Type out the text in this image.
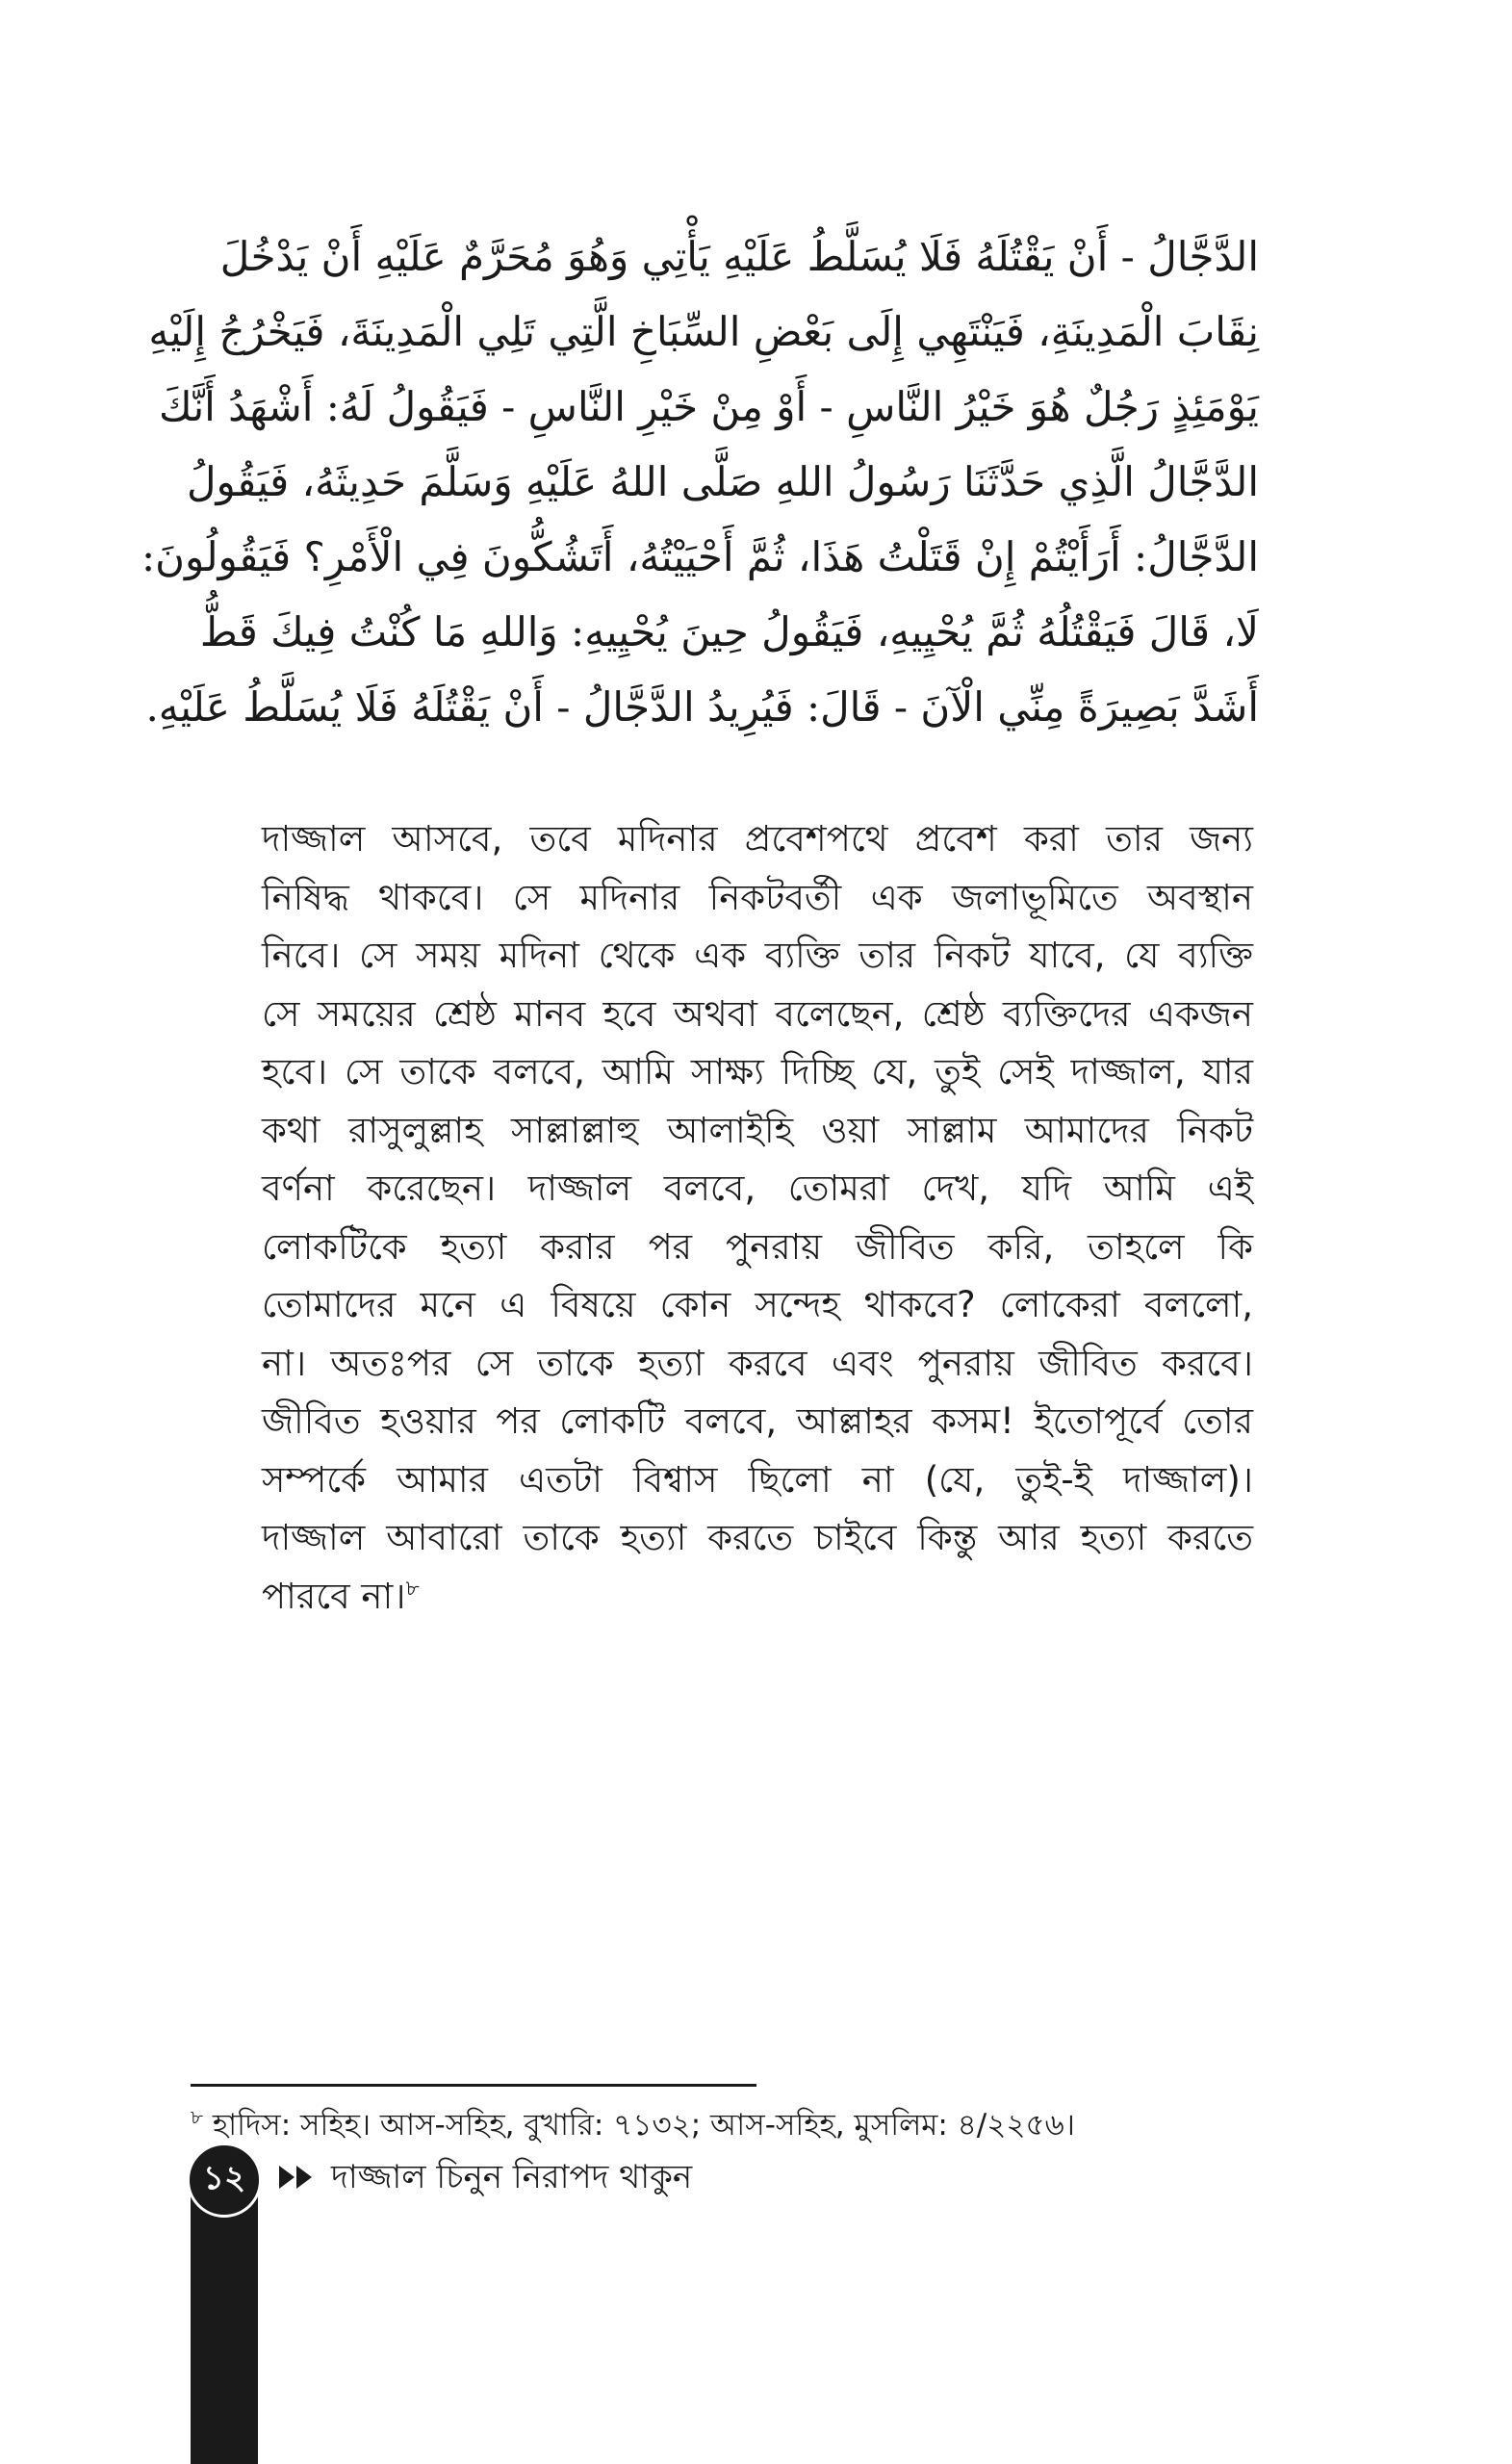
الدَّجَّالُ - أَنْ يَقْتُلَهُ فَلَا يُسَلَّطُ عَلَيْهِ يَأْتِي وَهُوَ مُحَرَّمٌ عَلَيْهِ أَنْ يَدْخُلَ
نِقَابَ الْمَدِينَةِ، فَيَنْتَهِي إِلَى بَعْضِ السِّبَاخِ الَّتِي تَلِي الْمَدِينَةَ، فَيَخْرُجُ إِلَيْهِ
يَوْمَئِذٍ رَجُلٌ هُوَ خَيْرُ النَّاسِ - أَوْ مِنْ خَيْرِ النَّاسِ - فَيَقُولُ لَهُ: أَشْهَدُ أَنَّكَ
الدَّجَّالُ الَّذِي حَدَّثَنَا رَسُولُ اللهِ صَلَّى اللهُ عَلَيْهِ وَسَلَّمَ حَدِيثَهُ، فَيَقُولُ
الدَّجَّالُ: أَرَأَيْتُمْ إِنْ قَتَلْتُ هَذَا، ثُمَّ أَحْيَيْتُهُ، أَتَشُكُّونَ فِي الْأَمْرِ؟ فَيَقُولُونَ:
لَا، قَالَ فَيَقْتُلُهُ ثُمَّ يُحْيِيهِ، فَيَقُولُ حِينَ يُحْيِيهِ: وَاللهِ مَا كُنْتُ فِيكَ قَطُّ
أَشَدَّ بَصِيرَةً مِنِّي الْآنَ - قَالَ: فَيُرِيدُ الدَّجَّالُ - أَنْ يَقْتُلَهُ فَلَا يُسَلَّطُ عَلَيْهِ.
দাজ্জাল আসবে, তবে মদিনার প্রবেশপথে প্রবেশ করা তার জন্য
নিষিদ্ধ থাকবে। সে মদিনার নিকটবর্তী এক জলাভূমিতে অবস্থান
নিবে। সে সময় মদিনা থেকে এক ব্যক্তি তার নিকট যাবে, যে ব্যক্তি
সে সময়ের শ্রেষ্ঠ মানব হবে অথবা বলেছেন, শ্রেষ্ঠ ব্যক্তিদের একজন
হবে। সে তাকে বলবে, আমি সাক্ষ্য দিচ্ছি যে, তুই সেই দাজ্জাল, যার
কথা রাসুলুল্লাহ সাল্লাল্লাহু আলাইহি ওয়া সাল্লাম আমাদের নিকট
বর্ণনা করেছেন। দাজ্জাল বলবে, তোমরা দেখ, যদি আমি এই
লোকটিকে হত্যা করার পর পুনরায় জীবিত করি, তাহলে কি
তোমাদের মনে এ বিষয়ে কোন সন্দেহ থাকবে? লোকেরা বললো,
না। অতঃপর সে তাকে হত্যা করবে এবং পুনরায় জীবিত করবে।
জীবিত হওয়ার পর লোকটি বলবে, আল্লাহর কসম! ইতোপূর্বে তোর
সম্পর্কে আমার এতটা বিশ্বাস ছিলো না (যে, তুই-ই দাজ্জাল)।
দাজ্জাল আবারো তাকে হত্যা করতে চাইবে কিন্তু আর হত্যা করতে
পারবে না।$^৮$
$^৮$ হাদিস: সহিহ। আস-সহিহ, বুখারি: ৭১৩২; আস-সহিহ, মুসলিম: ৪/২২৫৬।
১২	দাজ্জাল চিনুন নিরাপদ থাকুন
